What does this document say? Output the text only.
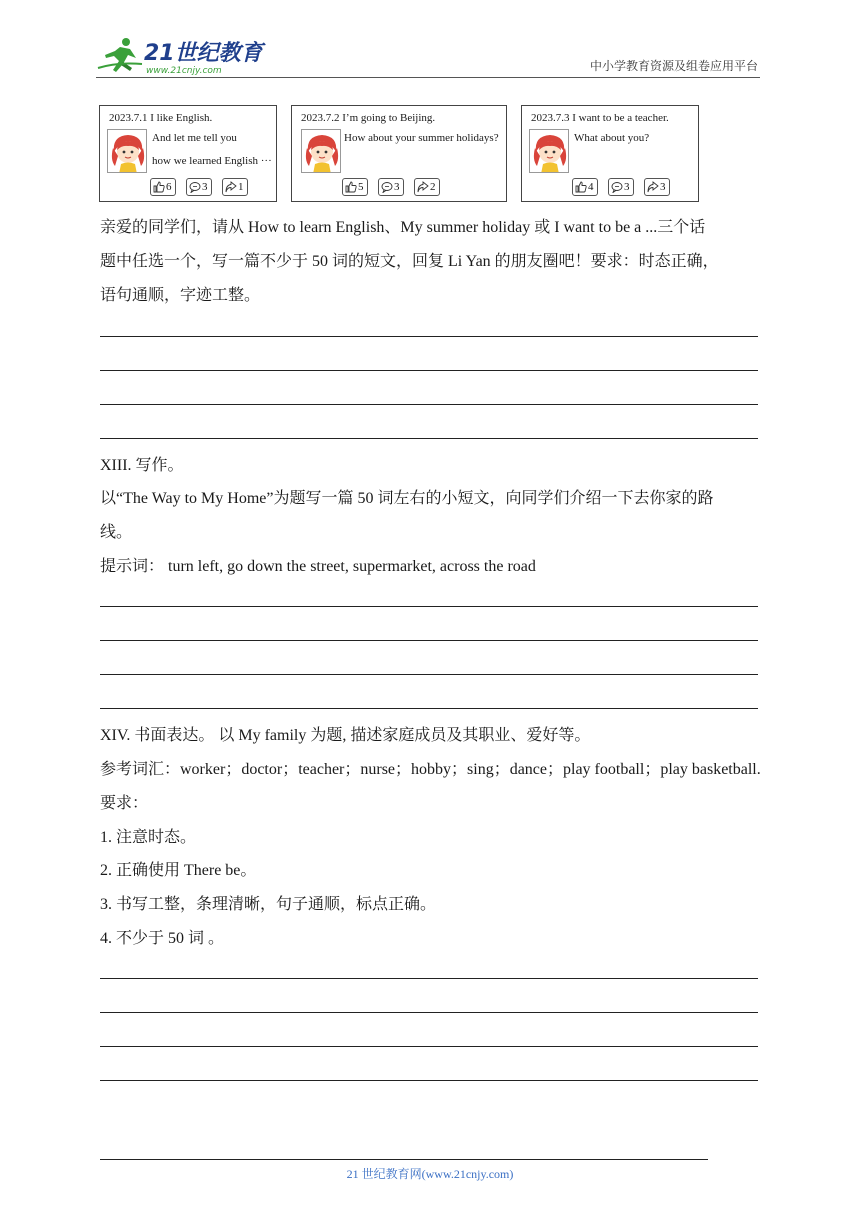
21世纪教育
www.21cnjy.com	中小学教育资源及组卷应用平台
2023.7.1 I like English.
And let me tell you
how we learned English ···
6	3	1
2023.7.2 I’m going to Beijing.
How about your summer holidays?
5	3	2
2023.7.3 I want to be a teacher.
What about you?
4	3	3
亲爱的同学们，请从 How to learn English、My summer holiday 或 I want to be a ...三个话
题中任选一个，写一篇不少于 50 词的短文，回复 Li Yan 的朋友圈吧！要求：时态正确，
语句通顺，字迹工整。
XIII. 写作。
以“The Way to My Home”为题写一篇 50 词左右的小短文，向同学们介绍一下去你家的路
线。
提示词： turn left, go down the street, supermarket, across the road
XIV. 书面表达。 以 My family 为题, 描述家庭成员及其职业、爱好等。
参考词汇：worker；doctor；teacher；nurse；hobby；sing；dance；play football；play basketball.
要求：
1. 注意时态。
2. 正确使用 There be。
3. 书写工整，条理清晰，句子通顺，标点正确。
4. 不少于 50 词 。
21 世纪教育网(www.21cnjy.com)
